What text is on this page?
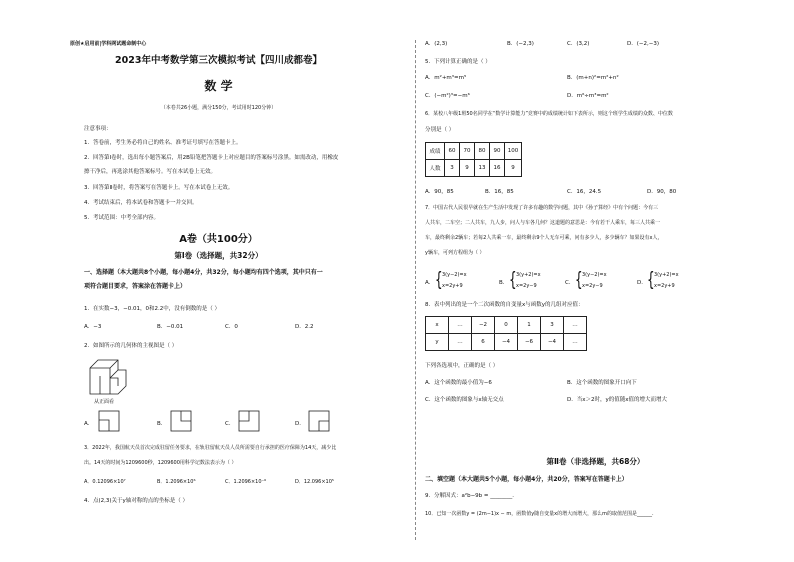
原创★启用前|学科网试题命制中心
2023年中考数学第三次模拟考试【四川成都卷】
数 学
（本卷共26小题，满分150分，考试用时120分钟）
注意事项：
1．答卷前，考生务必将自己的姓名、准考证号填写在答题卡上。
2．回答第Ⅰ卷时，选出每小题答案后，用2B铅笔把答题卡上对应题目的答案标号涂黑。如需改动，用橡皮
擦干净后，再选涂其他答案标号。写在本试卷上无效。
3．回答第Ⅱ卷时，将答案写在答题卡上。写在本试卷上无效。
4．考试结束后，将本试卷和答题卡一并交回。
5．考试范围：中考全部内容。
A卷（共100分）
第Ⅰ卷（选择题，共32分）
一、选择题（本大题共8个小题，每小题4分，共32分，每小题均有四个选项，其中只有一
项符合题目要求，答案涂在答题卡上）
1．在实数−3，−0.01，0和2.2中，没有倒数的是（ ）
A．−3	B．−0.01	C．0	D．2.2
2．如图所示的几何体的主视图是（ ）
从正面看
A．	B．	C．	D．
3．2022年，我国航天员首次完成驻留任务要求，在轨驻留航天员人员所需要自行承担的医疗保障为14天，减少比
出。14天的时间为1209600秒，1209600用科学记数法表示为（ ）
A．0.12096×10⁷	B．1.2096×10⁶	C．1.2096×10⁻⁶	D．12.096×10⁵
4．点(2,3)关于y轴对称的点的坐标是（ ）
A．(2,3)	B．(−2,3)	C．(3,2)	D．(−2,−3)
5．下列计算正确的是（ ）
A．m²+m³=m⁵	B．(m+n)²=m²+n²
C．(−m²)³=−m⁶	D．m⁶÷m³=m²
6．某校八年级1班50名同学在“数学计算能力”竞赛中的成绩统计如下表所示，则这个班学生成绩的众数、中位数
分别是（ ）
成绩	60	70	80	90	100
人数	3	9	13	16	9
A．90，85	B．16，85	C．16，24.5	D．90，80
7．中国古代人民很早就在生产生活中发现了许多有趣的数学问题，其中《孙子算经》中有个问题：今有三
人共车，二车空；二人共车，九人步，问人与车各几何？这道题的意思是：今有若干人乘车，每三人共乘一
车，最终剩余2辆车；若每2人共乘一车，最终剩余9个人无车可乘，问有多少人，多少辆车？如果设有x人，
y辆车，可列方程组为（ ）
A． { 3(y−2)=x
x=2y+9	B． { 3(y+2)=x
x=2y−9	C． { 3(y−2)=x
x=2y−9	D． { 3(y+2)=x
x=2y+9
8．表中列出的是一个二次函数的自变量x与函数y的几组对应值：
x	…	−2	0	1	3	…
y	…	6	−4	−6	−4	…
下列各选项中，正确的是（ ）
A．这个函数的最小值为−6	B．这个函数的图象开口向下
C．这个函数的图象与x轴无交点	D．当x＞2时，y的值随x值的增大而增大
第Ⅱ卷（非选择题，共68分）
二、填空题（本大题共5个小题，每小题4分，共20分，答案写在答题卡上）
9．分解因式：a²b−9b = ________.
10．已知一次函数y = (2m−1)x − m，函数值y随自变量x的增大而增大，那么m的取值范围是______.
